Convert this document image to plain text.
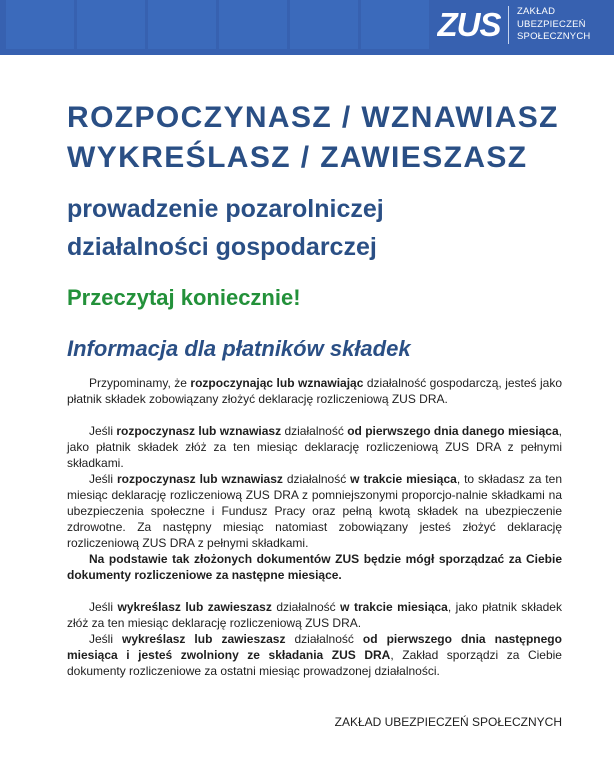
ZUS ZAKŁAD
UBEZPIECZEŃ
SPOŁECZNYCH
ROZPOCZYNASZ / WZNAWIASZ
WYKREŚLASZ / ZAWIESZASZ
prowadzenie pozarolniczej
działalności gospodarczej
Przeczytaj koniecznie!
Informacja dla płatników składek

Przypominamy, że rozpoczynając lub wznawiając działalność gospodarczą, jesteś jako płatnik składek zobowiązany złożyć deklarację rozliczeniową ZUS DRA.

Jeśli rozpoczynasz lub wznawiasz działalność od pierwszego dnia danego miesiąca, jako płatnik składek złóż za ten miesiąc deklarację rozliczeniową ZUS DRA z pełnymi składkami.

Jeśli rozpoczynasz lub wznawiasz działalność w trakcie miesiąca, to składasz za ten miesiąc deklarację rozliczeniową ZUS DRA z pomniejszonymi proporcjo-nalnie składkami na ubezpieczenia społeczne i Fundusz Pracy oraz pełną kwotą składek na ubezpieczenie zdrowotne. Za następny miesiąc natomiast zobowiązany jesteś złożyć deklarację rozliczeniową ZUS DRA z pełnymi składkami.

Na podstawie tak złożonych dokumentów ZUS będzie mógł sporządzać za Ciebie dokumenty rozliczeniowe za następne miesiące.

Jeśli wykreślasz lub zawieszasz działalność w trakcie miesiąca, jako płatnik składek złóż za ten miesiąc deklarację rozliczeniową ZUS DRA.

Jeśli wykreślasz lub zawieszasz działalność od pierwszego dnia następnego miesiąca i jesteś zwolniony ze składania ZUS DRA, Zakład sporządzi za Ciebie dokumenty rozliczeniowe za ostatni miesiąc prowadzonej działalności.

ZAKŁAD UBEZPIECZEŃ SPOŁECZNYCH
